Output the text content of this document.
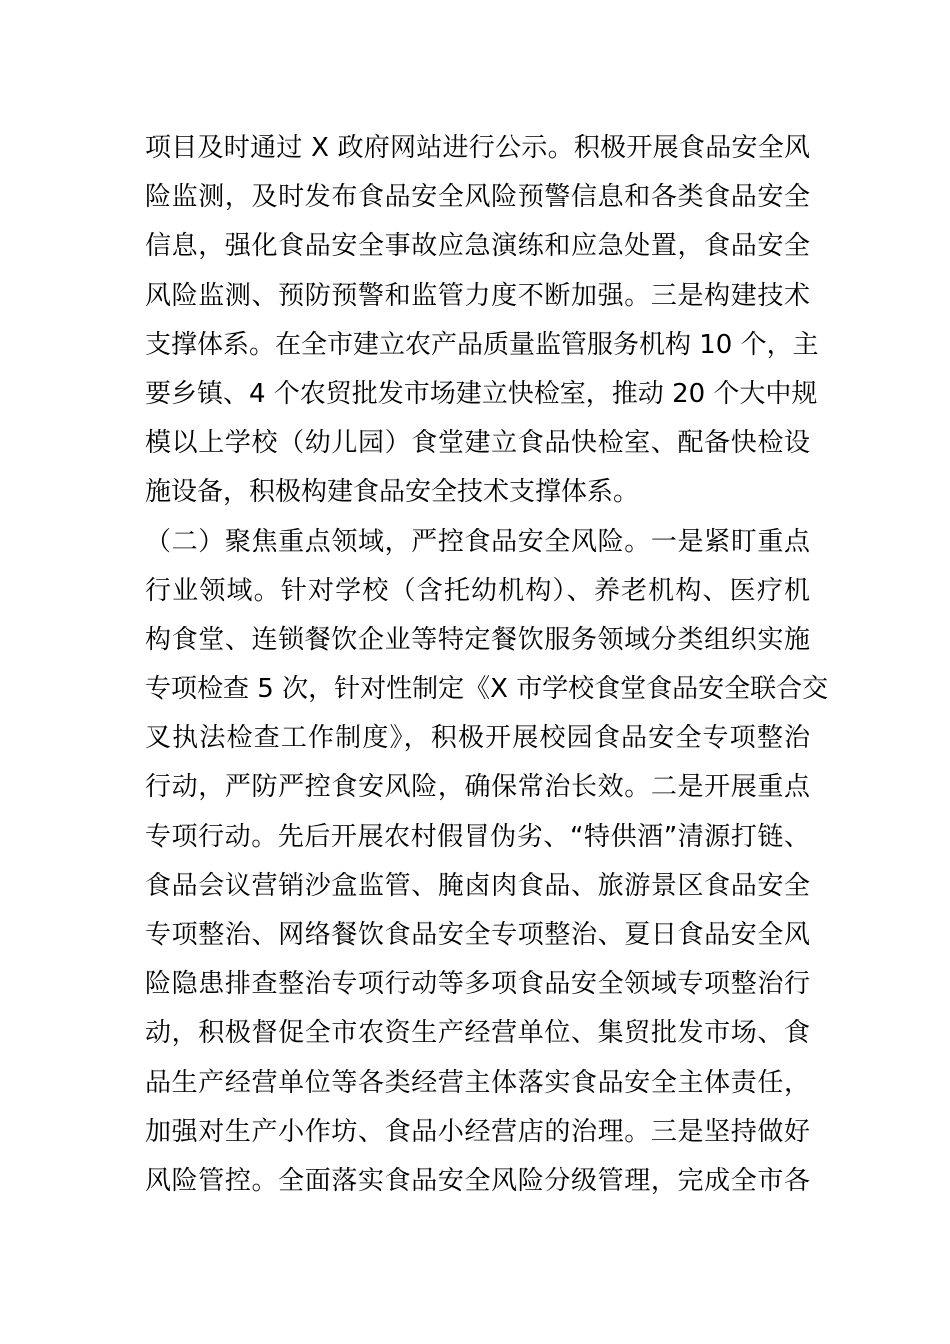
项目及时通过 X 政府网站进行公示。积极开展食品安全风
险监测，及时发布食品安全风险预警信息和各类食品安全
信息，强化食品安全事故应急演练和应急处置，食品安全
风险监测、预防预警和监管力度不断加强。三是构建技术
支撑体系。在全市建立农产品质量监管服务机构 10 个，主
要乡镇、4 个农贸批发市场建立快检室，推动 20 个大中规
模以上学校（幼儿园）食堂建立食品快检室、配备快检设
施设备，积极构建食品安全技术支撑体系。
（二）聚焦重点领域，严控食品安全风险。一是紧盯重点
行业领域。针对学校（含托幼机构）、养老机构、医疗机
构食堂、连锁餐饮企业等特定餐饮服务领域分类组织实施
专项检查 5 次，针对性制定《X 市学校食堂食品安全联合交
叉执法检查工作制度》，积极开展校园食品安全专项整治
行动，严防严控食安风险，确保常治长效。二是开展重点
专项行动。先后开展农村假冒伪劣、“特供酒”清源打链、
食品会议营销沙盒监管、腌卤肉食品、旅游景区食品安全
专项整治、网络餐饮食品安全专项整治、夏日食品安全风
险隐患排查整治专项行动等多项食品安全领域专项整治行
动，积极督促全市农资生产经营单位、集贸批发市场、食
品生产经营单位等各类经营主体落实食品安全主体责任，
加强对生产小作坊、食品小经营店的治理。三是坚持做好
风险管控。全面落实食品安全风险分级管理，完成全市各
